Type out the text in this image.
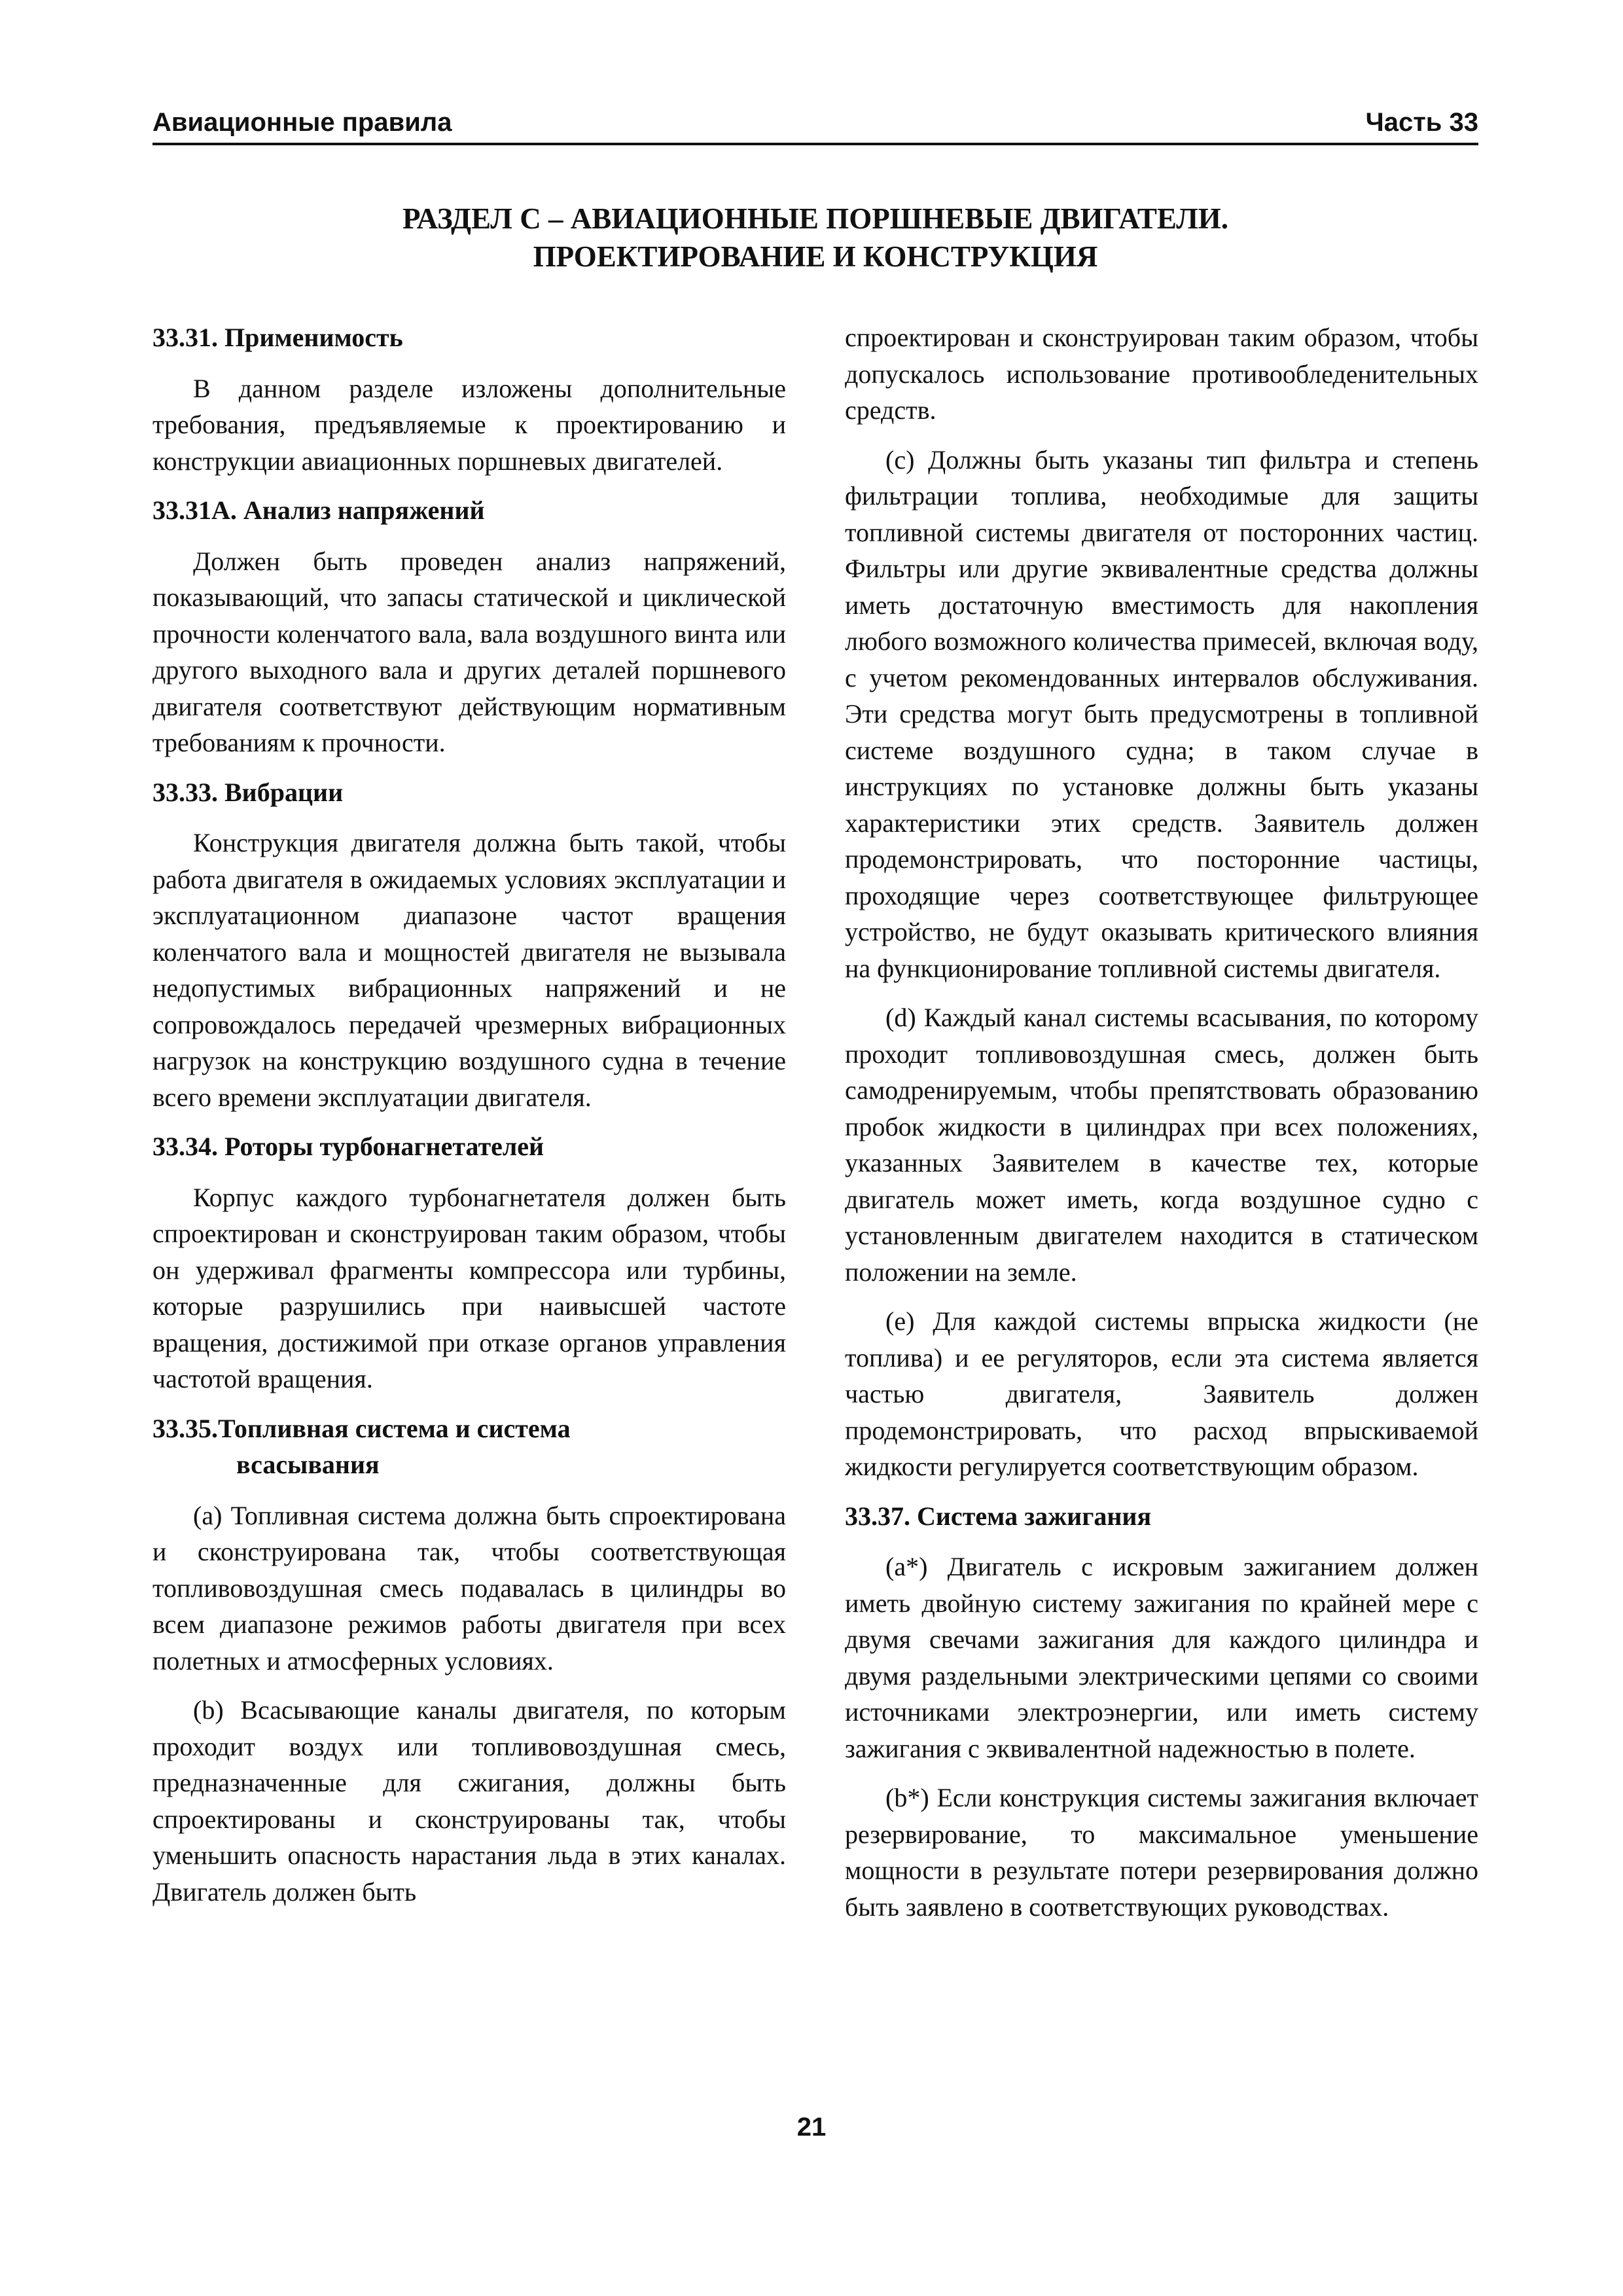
Авиационные правила	Часть 33
РАЗДЕЛ С – АВИАЦИОННЫЕ ПОРШНЕВЫЕ ДВИГАТЕЛИ.
ПРОЕКТИРОВАНИЕ И КОНСТРУКЦИЯ
33.31. Применимость

В данном разделе изложены дополнительные требования, предъявляемые к проектированию и конструкции авиационных поршневых двигателей.

33.31А. Анализ напряжений

Должен быть проведен анализ напряжений, показывающий, что запасы статической и циклической прочности коленчатого вала, вала воздушного винта или другого выходного вала и других деталей поршневого двигателя соответствуют действующим нормативным требованиям к прочности.

33.33. Вибрации

Конструкция двигателя должна быть такой, чтобы работа двигателя в ожидаемых условиях эксплуатации и эксплуатационном диапазоне частот вращения коленчатого вала и мощностей двигателя не вызывала недопустимых вибрационных напряжений и не сопровождалось передачей чрезмерных вибрационных нагрузок на конструкцию воздушного судна в течение всего времени эксплуатации двигателя.

33.34. Роторы турбонагнетателей

Корпус каждого турбонагнетателя должен быть спроектирован и сконструирован таким образом, чтобы он удерживал фрагменты компрессора или турбины, которые разрушились при наивысшей частоте вращения, достижимой при отказе органов управления частотой вращения.

33.35.Топливная система и система
всасывания

(a) Топливная система должна быть спроектирована и сконструирована так, чтобы соответствующая топливовоздушная смесь подавалась в цилиндры во всем диапазоне режимов работы двигателя при всех полетных и атмосферных условиях.

(b) Всасывающие каналы двигателя, по которым проходит воздух или топливовоздушная смесь, предназначенные для сжигания, должны быть спроектированы и сконструированы так, чтобы уменьшить опасность нарастания льда в этих каналах. Двигатель должен быть

спроектирован и сконструирован таким образом, чтобы допускалось использование противообледенительных средств.

(c) Должны быть указаны тип фильтра и степень фильтрации топлива, необходимые для защиты топливной системы двигателя от посторонних частиц. Фильтры или другие эквивалентные средства должны иметь достаточную вместимость для накопления любого возможного количества примесей, включая воду, с учетом рекомендованных интервалов обслуживания. Эти средства могут быть предусмотрены в топливной системе воздушного судна; в таком случае в инструкциях по установке должны быть указаны характеристики этих средств. Заявитель должен продемонстрировать, что посторонние частицы, проходящие через соответствующее фильтрующее устройство, не будут оказывать критического влияния на функционирование топливной системы двигателя.

(d) Каждый канал системы всасывания, по которому проходит топливовоздушная смесь, должен быть самодренируемым, чтобы препятствовать образованию пробок жидкости в цилиндрах при всех положениях, указанных Заявителем в качестве тех, которые двигатель может иметь, когда воздушное судно с установленным двигателем находится в статическом положении на земле.

(e) Для каждой системы впрыска жидкости (не топлива) и ее регуляторов, если эта система является частью двигателя, Заявитель должен продемонстрировать, что расход впрыскиваемой жидкости регулируется соответствующим образом.

33.37. Система зажигания

(a*) Двигатель с искровым зажиганием должен иметь двойную систему зажигания по крайней мере с двумя свечами зажигания для каждого цилиндра и двумя раздельными электрическими цепями со своими источниками электроэнергии, или иметь систему зажигания с эквивалентной надежностью в полете.

(b*) Если конструкция системы зажигания включает резервирование, то максимальное уменьшение мощности в результате потери резервирования должно быть заявлено в соответствующих руководствах.

21
